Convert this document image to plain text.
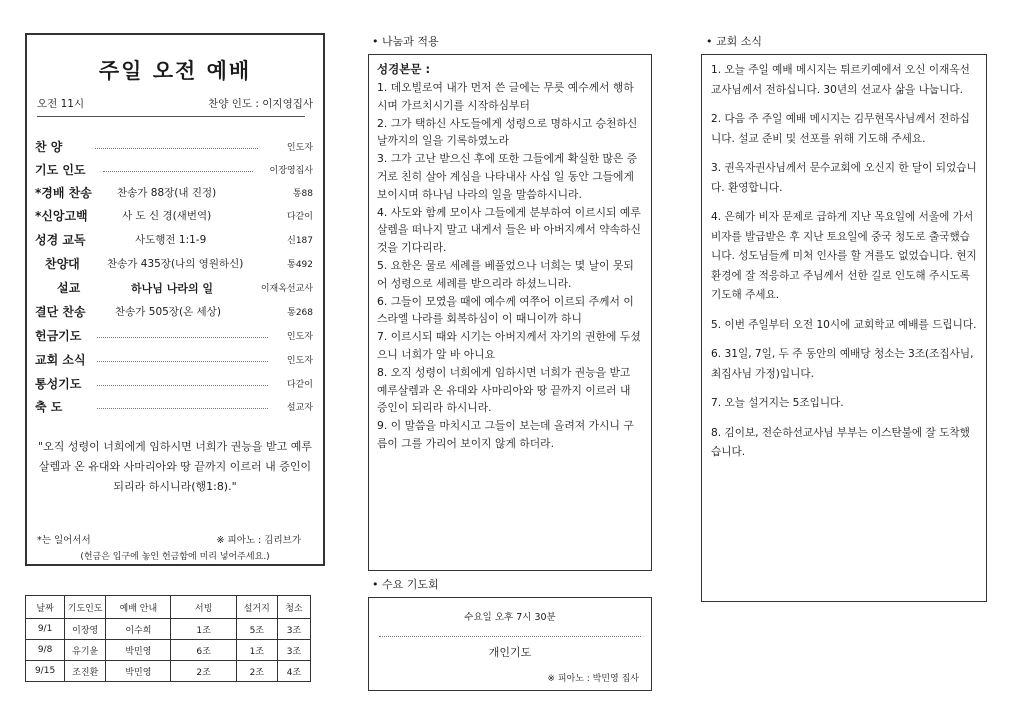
주일 오전 예배
오전 11시	찬양 인도 : 이지영집사
찬 양	인도자
기도 인도	이장영집사
*경배 찬송 찬송가 88장(내 진정)	통88
*신앙고백	사 도 신 경(새번역)	다같이
성경 교독	사도행전 1:1-9	신187
찬양대	찬송가 435장(나의 영원하신)	통492
설교	하나님 나라의 일	이재옥선교사
결단 찬송	찬송가 505장(온 세상)	통268
헌금기도	인도자
교회 소식	인도자
통성기도	다같이
축 도	설교자
"오직 성령이 너희에게 임하시면 너희가 권능을 받고 예루살렘과 온 유대와 사마리아와 땅 끝까지 이르러 내 증인이 되리라 하시니라(행1:8)."
*는 일어서서	※ 피아노 : 김리브가
(헌금은 입구에 놓인 헌금함에 미리 넣어주세요.)
날짜	기도인도	예배 안내	서빙	설거지	청소
9/1	이장영	이수희	1조	5조	3조
9/8	유기윤	박민영	6조	1조	3조
9/15	조진환	박민영	2조	2조	4조
• 나눔과 적용
성경본문 :
1. 데오빌로여 내가 먼저 쓴 글에는 무릇 예수께서 행하시며 가르치시기를 시작하심부터
2. 그가 택하신 사도들에게 성령으로 명하시고 승천하신 날까지의 일을 기록하였노라
3. 그가 고난 받으신 후에 또한 그들에게 확실한 많은 증거로 친히 살아 계심을 나타내사 사십 일 동안 그들에게 보이시며 하나님 나라의 일을 말씀하시니라.
4. 사도와 함께 모이사 그들에게 분부하여 이르시되 예루살렘을 떠나지 말고 내게서 들은 바 아버지께서 약속하신 것을 기다리라.
5. 요한은 물로 세례를 베풀었으나 너희는 몇 날이 못되어 성령으로 세례를 받으리라 하셨느니라.
6. 그들이 모였을 때에 예수께 여쭈어 이르되 주께서 이스라엘 나라를 회복하심이 이 때니이까 하니
7. 이르시되 때와 시기는 아버지께서 자기의 권한에 두셨으니 너희가 알 바 아니요
8. 오직 성령이 너희에게 임하시면 너희가 권능을 받고 예루살렘과 온 유대와 사마리아와 땅 끝까지 이르러 내 증인이 되리라 하시니라.
9. 이 말씀을 마치시고 그들이 보는데 올려져 가시니 구름이 그를 가리어 보이지 않게 하더라.
• 수요 기도회
수요일 오후 7시 30분
개인기도
※ 피아노 : 박민영 집사
• 교회 소식
1. 오늘 주일 예배 메시지는 튀르키예에서 오신 이재옥선교사님께서 전하십니다. 30년의 선교사 삶을 나눕니다.
2. 다음 주 주일 예배 메시지는 김무현목사님께서 전하십니다. 설교 준비 및 선포를 위해 기도해 주세요.
3. 권옥자권사님께서 문수교회에 오신지 한 달이 되었습니다. 환영합니다.
4. 은혜가 비자 문제로 급하게 지난 목요일에 서울에 가서 비자를 발급받은 후 지난 토요일에 중국 청도로 출국했습니다. 성도님들께 미처 인사를 할 겨를도 없었습니다. 현지 환경에 잘 적응하고 주님께서 선한 길로 인도해 주시도록 기도해 주세요.
5. 이번 주일부터 오전 10시에 교회학교 예배를 드립니다.
6. 31일, 7일, 두 주 동안의 예배당 청소는 3조(조집사님, 최집사님 가정)입니다.
7. 오늘 설거지는 5조입니다.
8. 김이보, 전순하선교사님 부부는 이스탄불에 잘 도착했습니다.
